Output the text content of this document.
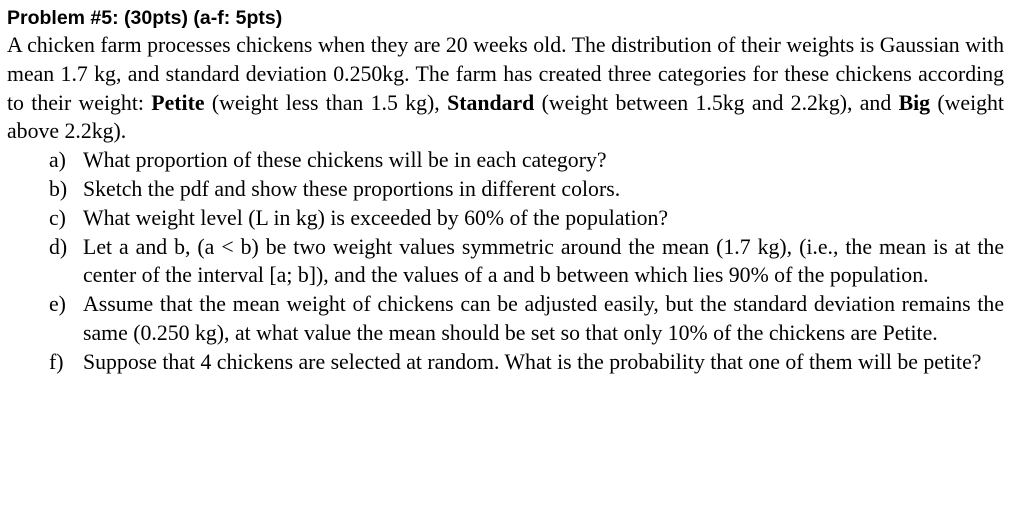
Problem #5: (30pts) (a-f: 5pts)

A chicken farm processes chickens when they are 20 weeks old. The distribution of their weights is Gaussian with mean 1.7 kg, and standard deviation 0.250kg. The farm has created three categories for these chickens according to their weight: Petite (weight less than 1.5 kg), Standard (weight between 1.5kg and 2.2kg), and Big (weight above 2.2kg).

a) What proportion of these chickens will be in each category?
b) Sketch the pdf and show these proportions in different colors.
c) What weight level (L in kg) is exceeded by 60% of the population?
d) Let a and b, (a < b) be two weight values symmetric around the mean (1.7 kg), (i.e., the mean is at the center of the interval [a; b]), and the values of a and b between which lies 90% of the population.
e) Assume that the mean weight of chickens can be adjusted easily, but the standard deviation remains the same (0.250 kg), at what value the mean should be set so that only 10% of the chickens are Petite.
f) Suppose that 4 chickens are selected at random. What is the probability that one of them will be petite?
